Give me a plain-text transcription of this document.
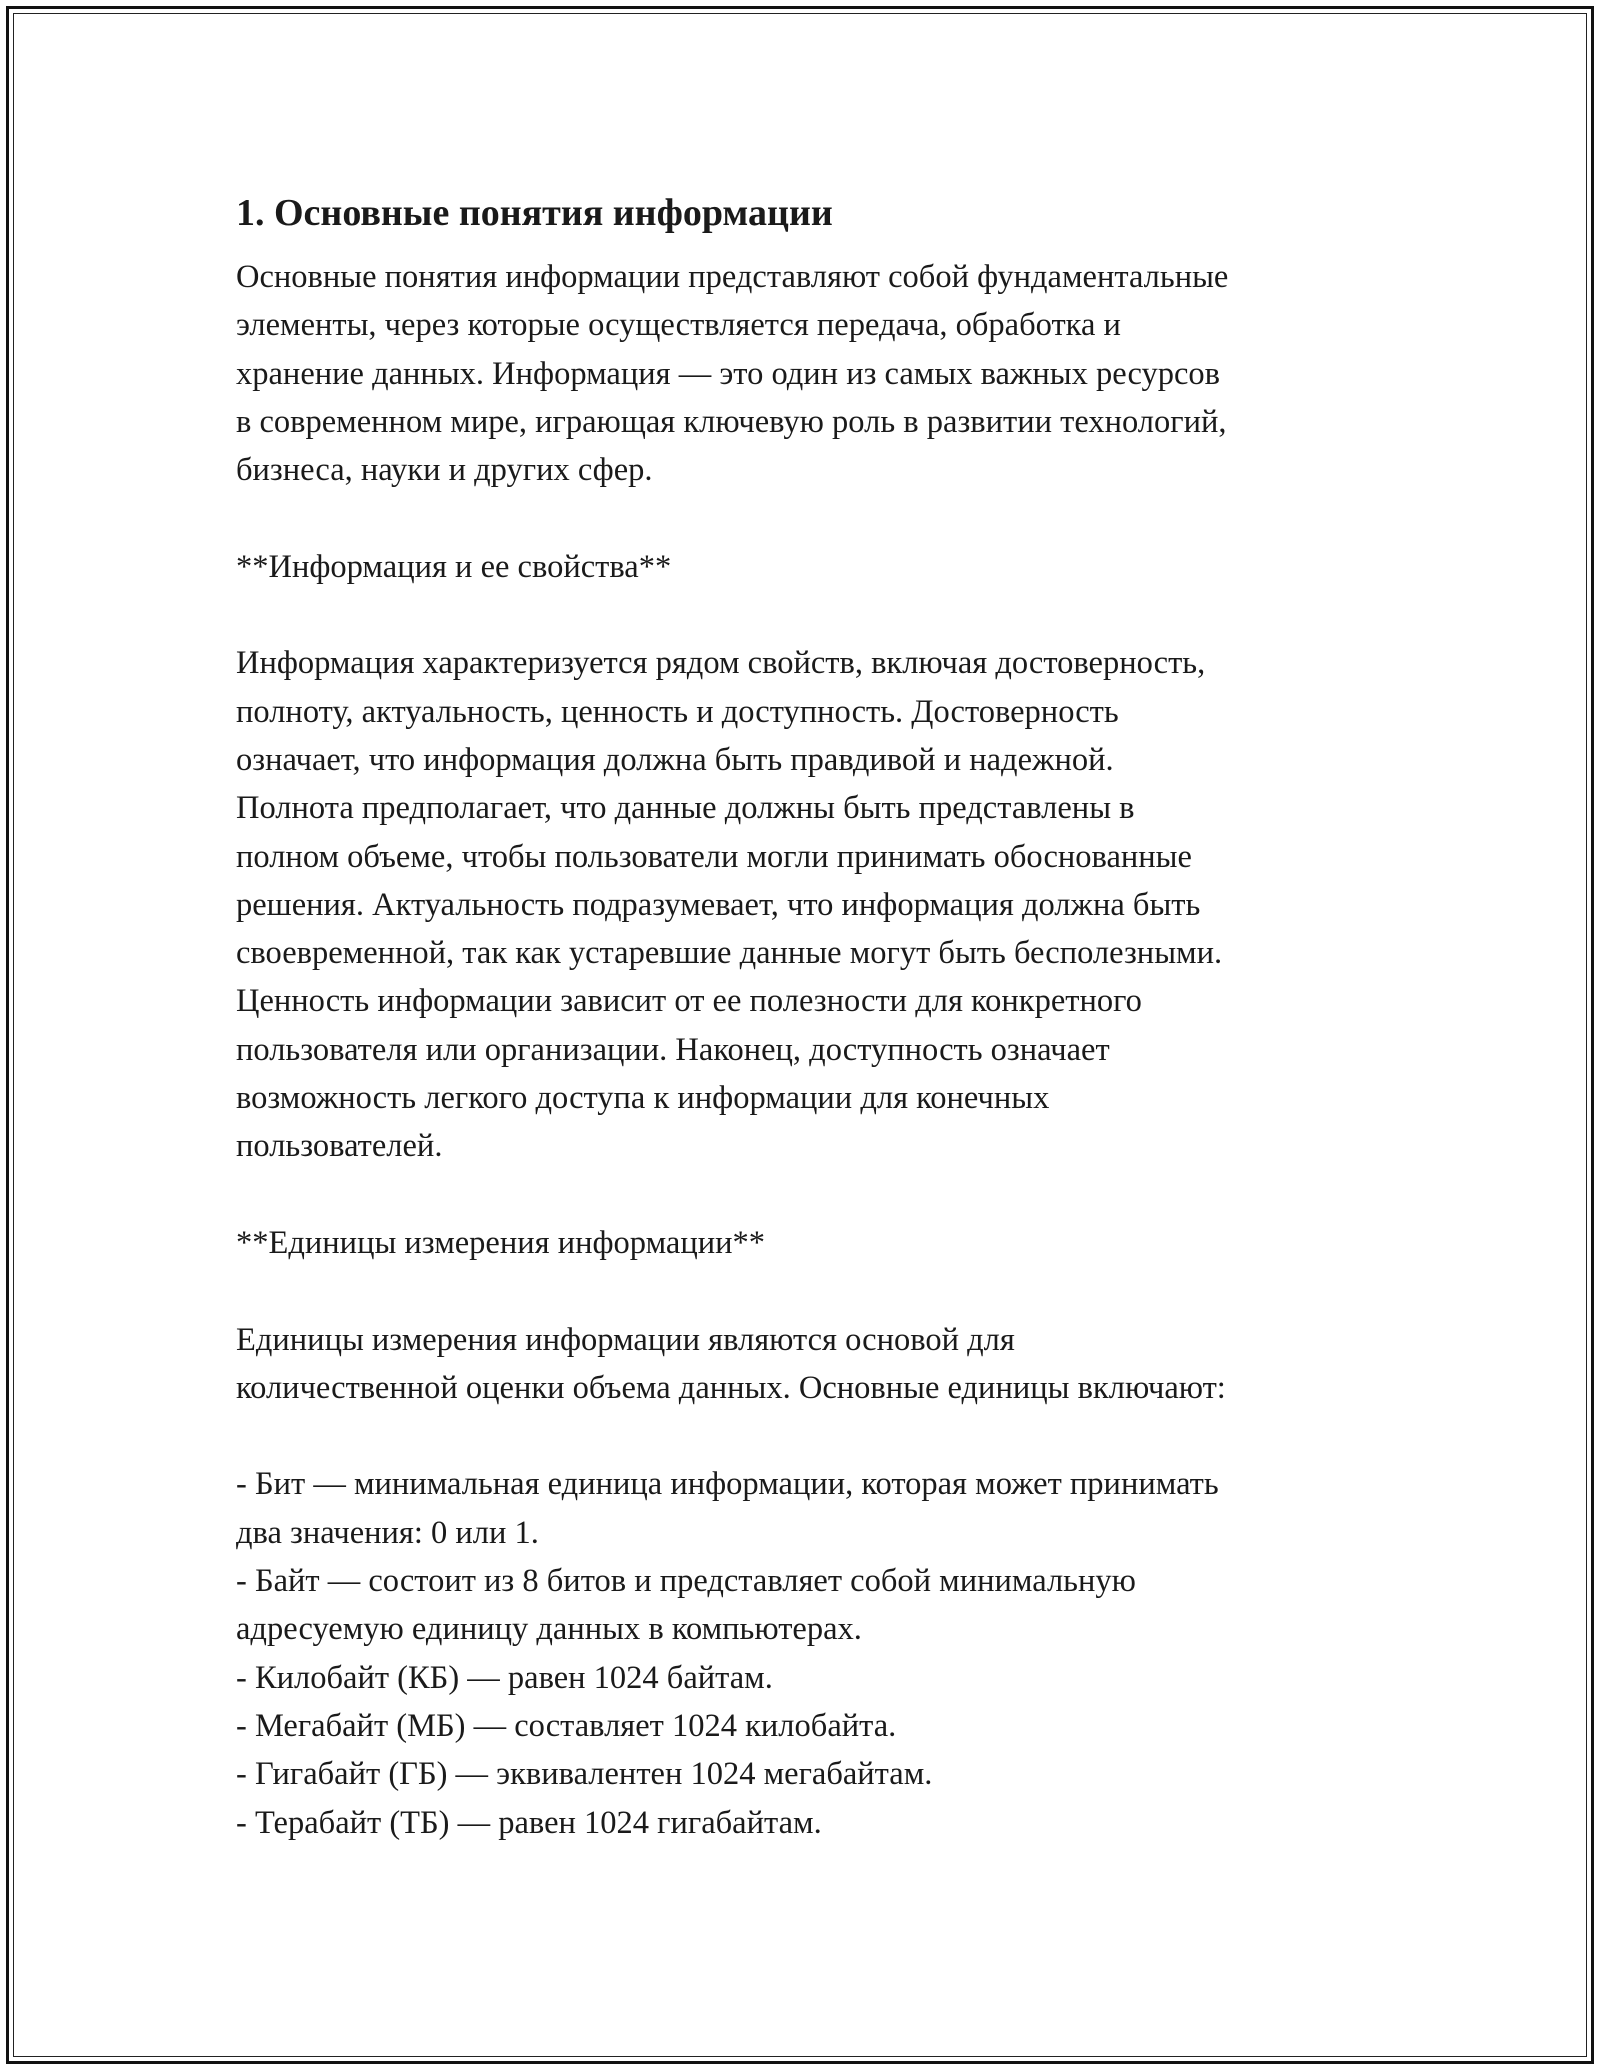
1. Основные понятия информации
Основные понятия информации представляют собой фундаментальные
элементы, через которые осуществляется передача, обработка и
хранение данных. Информация — это один из самых важных ресурсов
в современном мире, играющая ключевую роль в развитии технологий,
бизнеса, науки и других сфер.
**Информация и ее свойства**
Информация характеризуется рядом свойств, включая достоверность,
полноту, актуальность, ценность и доступность. Достоверность
означает, что информация должна быть правдивой и надежной.
Полнота предполагает, что данные должны быть представлены в
полном объеме, чтобы пользователи могли принимать обоснованные
решения. Актуальность подразумевает, что информация должна быть
своевременной, так как устаревшие данные могут быть бесполезными.
Ценность информации зависит от ее полезности для конкретного
пользователя или организации. Наконец, доступность означает
возможность легкого доступа к информации для конечных
пользователей.
**Единицы измерения информации**
Единицы измерения информации являются основой для
количественной оценки объема данных. Основные единицы включают:
- Бит — минимальная единица информации, которая может принимать
два значения: 0 или 1.
- Байт — состоит из 8 битов и представляет собой минимальную
адресуемую единицу данных в компьютерах.
- Килобайт (КБ) — равен 1024 байтам.
- Мегабайт (МБ) — составляет 1024 килобайта.
- Гигабайт (ГБ) — эквивалентен 1024 мегабайтам.
- Терабайт (ТБ) — равен 1024 гигабайтам.
